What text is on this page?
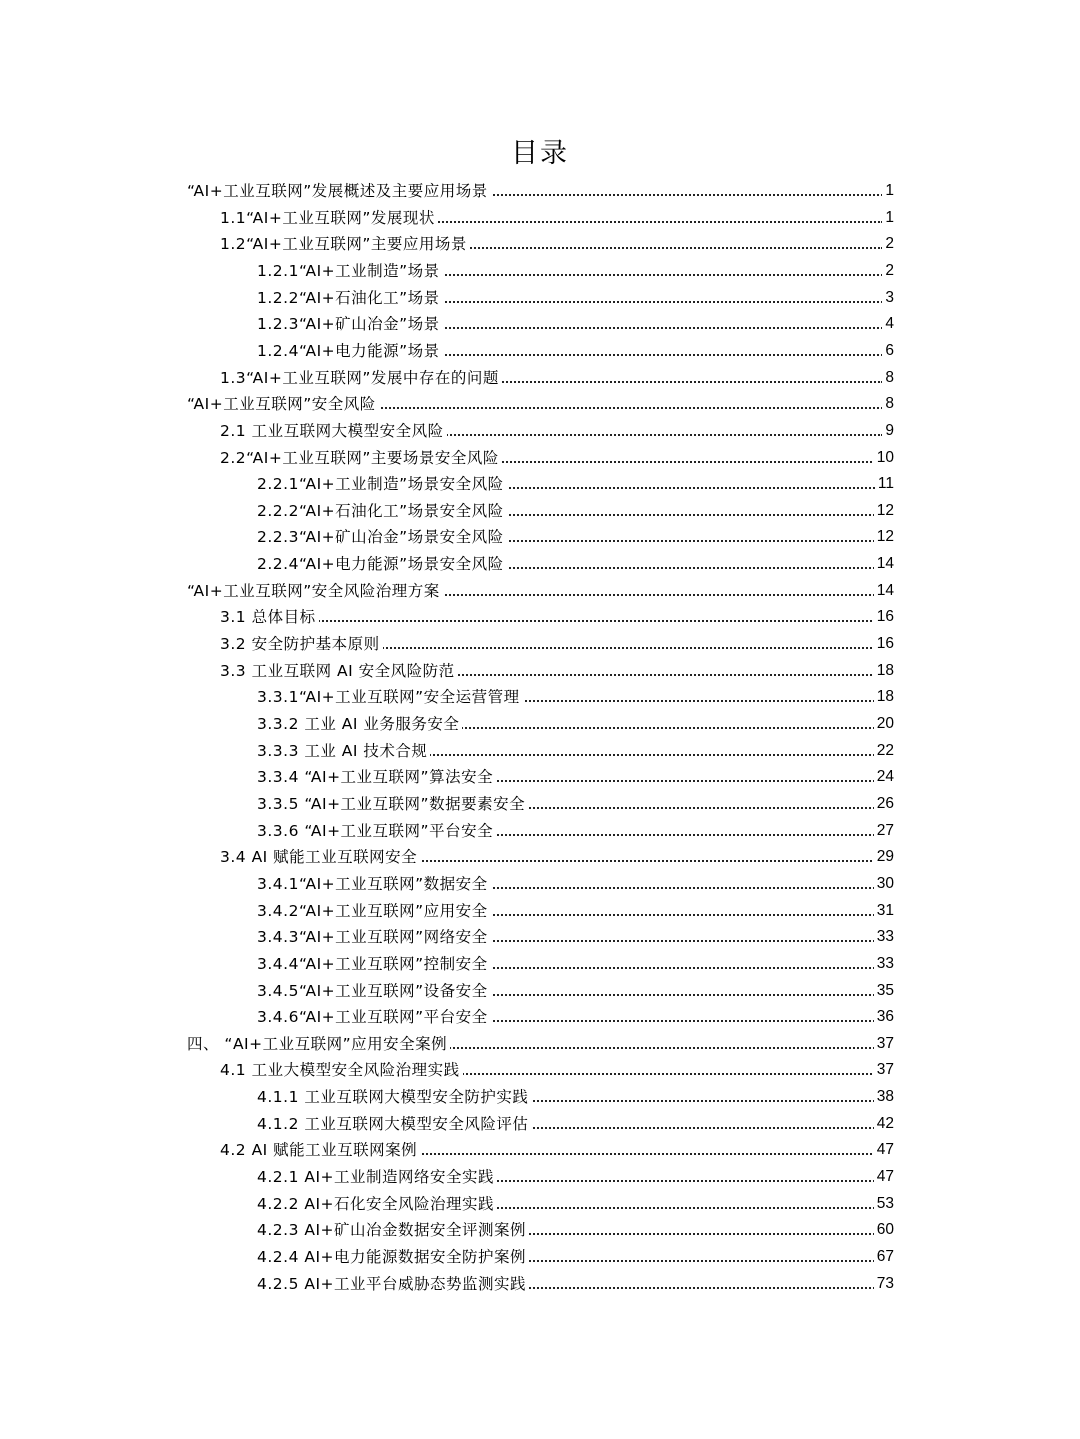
目录
“AI+工业互联网”发展概述及主要应用场景	1
1.1“AI+工业互联网”发展现状	1
1.2“AI+工业互联网”主要应用场景	2
1.2.1“AI+工业制造”场景	2
1.2.2“AI+石油化工”场景	3
1.2.3“AI+矿山冶金”场景	4
1.2.4“AI+电力能源”场景	6
1.3“AI+工业互联网”发展中存在的问题	8
“AI+工业互联网”安全风险	8
2.1 工业互联网大模型安全风险	9
2.2“AI+工业互联网”主要场景安全风险	10
2.2.1“AI+工业制造”场景安全风险	11
2.2.2“AI+石油化工”场景安全风险	12
2.2.3“AI+矿山冶金”场景安全风险	12
2.2.4“AI+电力能源”场景安全风险	14
“AI+工业互联网”安全风险治理方案	14
3.1 总体目标	16
3.2 安全防护基本原则	16
3.3 工业互联网 AI 安全风险防范	18
3.3.1“AI+工业互联网”安全运营管理	18
3.3.2 工业 AI 业务服务安全	20
3.3.3 工业 AI 技术合规	22
3.3.4 “AI+工业互联网”算法安全	24
3.3.5 “AI+工业互联网”数据要素安全	26
3.3.6 “AI+工业互联网”平台安全	27
3.4 AI 赋能工业互联网安全	29
3.4.1“AI+工业互联网”数据安全	30
3.4.2“AI+工业互联网”应用安全	31
3.4.3“AI+工业互联网”网络安全	33
3.4.4“AI+工业互联网”控制安全	33
3.4.5“AI+工业互联网”设备安全	35
3.4.6“AI+工业互联网”平台安全	36
四、 “AI+工业互联网”应用安全案例	37
4.1 工业大模型安全风险治理实践	37
4.1.1 工业互联网大模型安全防护实践	38
4.1.2 工业互联网大模型安全风险评估	42
4.2 AI 赋能工业互联网案例	47
4.2.1 AI+工业制造网络安全实践	47
4.2.2 AI+石化安全风险治理实践	53
4.2.3 AI+矿山冶金数据安全评测案例	60
4.2.4 AI+电力能源数据安全防护案例	67
4.2.5 AI+工业平台威胁态势监测实践	73
